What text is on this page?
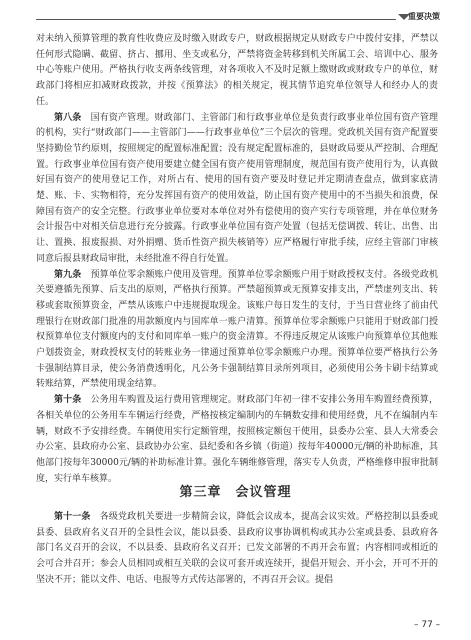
重要决策

对未纳入预算管理的教育性收费应及时缴入财政专户，财政根据规定从财政专户中拨付安排，严禁以任何形式隐瞒、截留、挤占、挪用、坐支或私分，严禁将资金转移到机关所属工会、培训中心、服务中心等账户使用。严格执行收支两条线管理，对各项收入不及时足额上缴财政或财政专户的单位，财政部门将相应扣减财政拨款，并按《预算法》的相关规定，视其情节追究单位领导人和经办人的责任。

第八条　 国有资产管理。财政部门、主管部门和行政事业单位是负责行政事业单位国有资产管理的机构，实行“财政部门——主管部门——行政事业单位”三个层次的管理。党政机关国有资产配置要坚持勤俭节约原则，按照规定的配置标准配置；没有规定配置标准的，县财政局要从严控制、合理配置。行政事业单位国有资产使用要建立健全国有资产使用管理制度，规范国有资产使用行为，认真做好国有资产的使用登记工作，对所占有、使用的国有资产要及时登记并定期清查盘点，做到家底清楚、账、卡、实物相符，充分发挥国有资产的使用效益，防止国有资产使用中的不当损失和浪费，保障国有资产的安全完整。行政事业单位要对本单位对外有偿使用的资产实行专项管理，并在单位财务会计报告中对相关信息进行充分披露。行政事业单位国有资产处置（包括无偿调拨、转让、出售、出让、置换、报废报损、对外捐赠、货币性资产损失核销等）应严格履行审批手续，应经主管部门审核同意后报县财政局审批，未经批准不得自行处置。

第九条　 预算单位零余额账户使用及管理。预算单位零余额账户用于财政授权支付。各级党政机关要遵循先预算、后支出的原则，严格执行预算。严禁超预算或无预算安排支出，严禁虚列支出、转移或套取预算资金，严禁从该账户中违规提取现金。该账户每日发生的支付，于当日营业终了前由代理银行在财政部门批准的用款额度内与国库单一账户清算。预算单位零余额账户只能用于财政部门授权预算单位支付额度内的支付和同库单一账户的资金清算。不得违反规定从该账户向预算单位其他账户划拨资金，财政授权支付的转账业务一律通过预算单位零余额账户办理。预算单位要严格执行公务卡强制结算目录，使公务消费透明化，凡公务卡强制结算目录所列项目，必须使用公务卡刷卡结算或转账结算，严禁使用现金结算。

第十条　 公务用车购置及运行费用管理规定。财政部门年初一律不安排公务用车购置经费预算，各相关单位的公务用车车辆运行经费，严格按核定编制内的车辆数安排和使用经费，凡不在编制内车辆，财政不予安排经费。车辆使用实行定额管理，按照核定额包干使用，县委办公室、县人大常委会办公室、县政府办公室、县政协办公室、县纪委和各乡镇（街道）按每年40000元/辆的补助标准，其他部门按每年30000元/辆的补助标准计算。强化车辆维修管理，落实专人负责，严格维修申报审批制度，实行单车核算。

第三章 会议管理

第十一条　 各级党政机关要进一步精简会议，降低会议成本，提高会议实效。严格控制以县委或县委、县政府名义召开的全县性会议，能以县委、县政府议事协调机构或其办公室或县委、县政府各部门名义召开的会议，不以县委、县政府名义召开；已发文部署的不再开会布置；内容相同或相近的会可合并召开；参会人员相同或相互关联的会议可套开或连续开，提倡开短会、开小会，开可不开的坚决不开；能以文件、电话、电报等方式传达部署的，不再召开会议。提倡

– 77 –
